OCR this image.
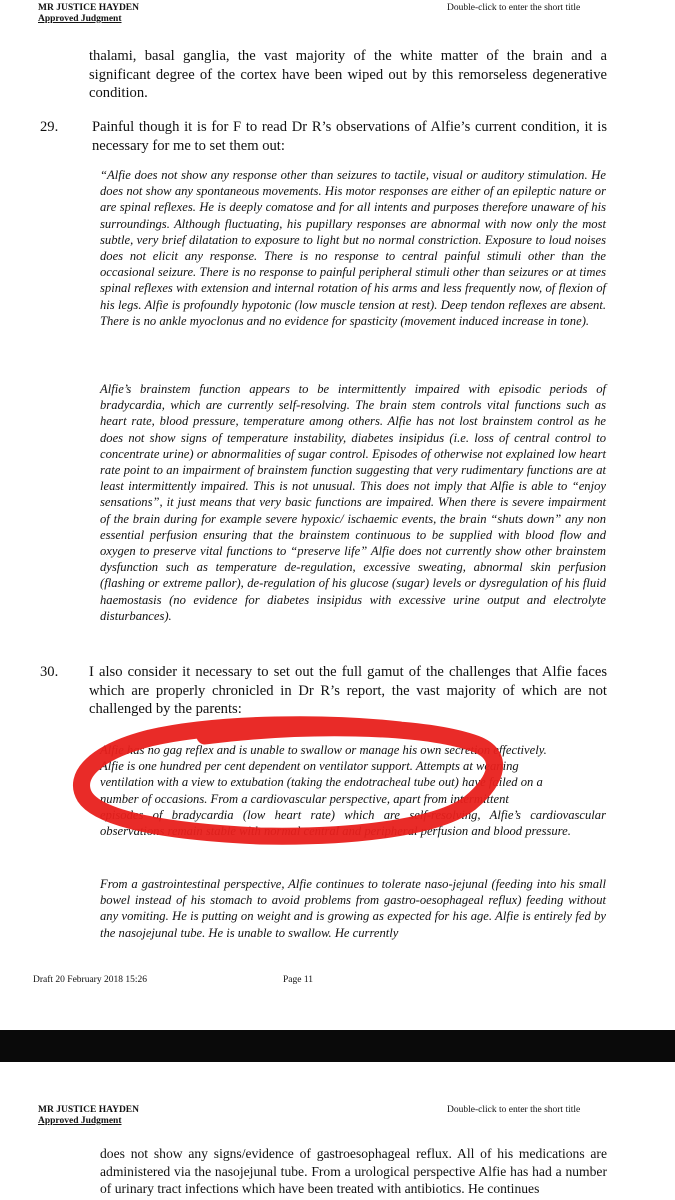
MR JUSTICE HAYDEN
Approved Judgment
Double-click to enter the short title
thalami, basal ganglia, the vast majority of the white matter of the brain and a significant degree of the cortex have been wiped out by this remorseless degenerative condition.
29. Painful though it is for F to read Dr R’s observations of Alfie’s current condition, it is necessary for me to set them out:
“Alfie does not show any response other than seizures to tactile, visual or auditory stimulation. He does not show any spontaneous movements. His motor responses are either of an epileptic nature or are spinal reflexes. He is deeply comatose and for all intents and purposes therefore unaware of his surroundings. Although fluctuating, his pupillary responses are abnormal with now only the most subtle, very brief dilatation to exposure to light but no normal constriction. Exposure to loud noises does not elicit any response. There is no response to central painful stimuli other than the occasional seizure. There is no response to painful peripheral stimuli other than seizures or at times spinal reflexes with extension and internal rotation of his arms and less frequently now, of flexion of his legs. Alfie is profoundly hypotonic (low muscle tension at rest). Deep tendon reflexes are absent. There is no ankle myoclonus and no evidence for spasticity (movement induced increase in tone).
Alfie’s brainstem function appears to be intermittently impaired with episodic periods of bradycardia, which are currently self-resolving. The brain stem controls vital functions such as heart rate, blood pressure, temperature among others. Alfie has not lost brainstem control as he does not show signs of temperature instability, diabetes insipidus (i.e. loss of central control to concentrate urine) or abnormalities of sugar control. Episodes of otherwise not explained low heart rate point to an impairment of brainstem function suggesting that very rudimentary functions are at least intermittently impaired. This is not unusual. This does not imply that Alfie is able to “enjoy sensations”, it just means that very basic functions are impaired. When there is severe impairment of the brain during for example severe hypoxic/ ischaemic events, the brain “shuts down” any non essential perfusion ensuring that the brainstem continuous to be supplied with blood flow and oxygen to preserve vital functions to “preserve life” Alfie does not currently show other brainstem dysfunction such as temperature de-regulation, excessive sweating, abnormal skin perfusion (flashing or extreme pallor), de-regulation of his glucose (sugar) levels or dysregulation of his fluid haemostasis (no evidence for diabetes insipidus with excessive urine output and electrolyte disturbances).
30. I also consider it necessary to set out the full gamut of the challenges that Alfie faces which are properly chronicled in Dr R’s report, the vast majority of which are not challenged by the parents:
Alfie has no gag reflex and is unable to swallow or manage his own secretion effectively.
Alfie is one hundred per cent dependent on ventilator support. Attempts at weaning
ventilation with a view to extubation (taking the endotracheal tube out) have failed on a
number of occasions. From a cardiovascular perspective, apart from intermittent
episodes of bradycardia (low heart rate) which are self-resolving, Alfie’s cardiovascular observations remain stable with normal central and peripheral perfusion and blood pressure.
From a gastrointestinal perspective, Alfie continues to tolerate naso-jejunal (feeding into his small bowel instead of his stomach to avoid problems from gastro-oesophageal reflux) feeding without any vomiting. He is putting on weight and is growing as expected for his age. Alfie is entirely fed by the nasojejunal tube. He is unable to swallow. He currently
Draft 20 February 2018 15:26	Page 11
MR JUSTICE HAYDEN
Approved Judgment
Double-click to enter the short title
does not show any signs/evidence of gastroesophageal reflux. All of his medications are administered via the nasojejunal tube. From a urological perspective Alfie has had a number of urinary tract infections which have been treated with antibiotics. He continues
